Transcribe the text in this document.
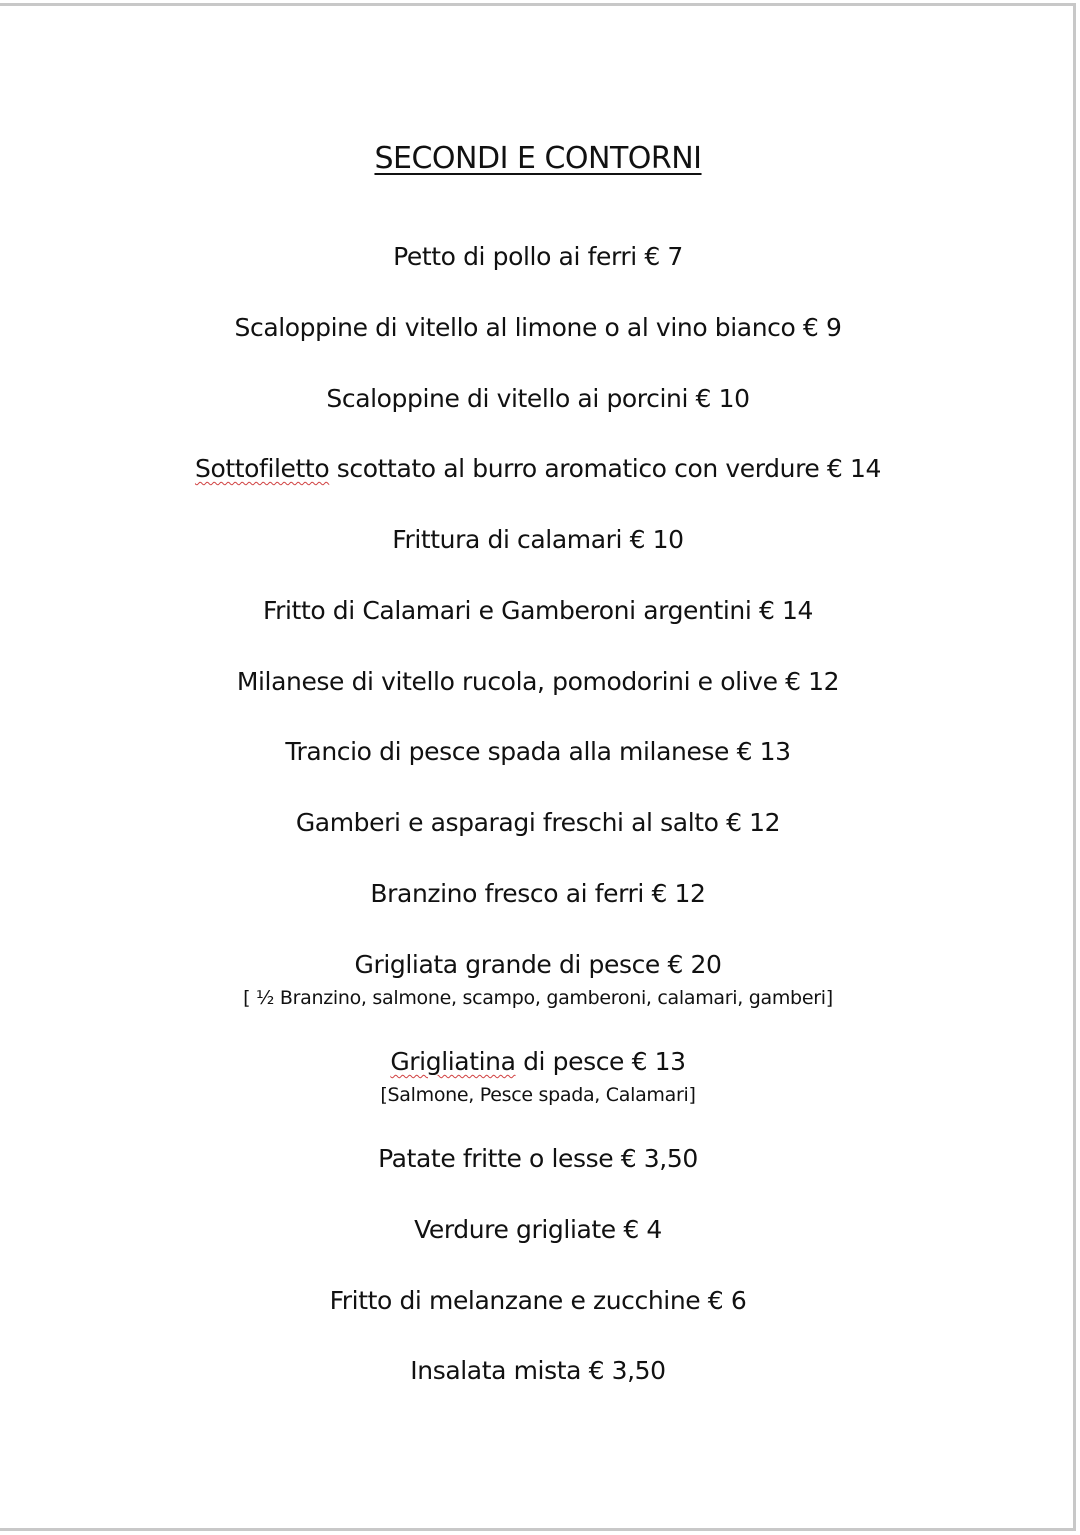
SECONDI E CONTORNI
Petto di pollo ai ferri € 7
Scaloppine di vitello al limone o al vino bianco € 9
Scaloppine di vitello ai porcini € 10
Sottofiletto scottato al burro aromatico con verdure € 14
Frittura di calamari € 10
Fritto di Calamari e Gamberoni argentini € 14
Milanese di vitello rucola, pomodorini e olive € 12
Trancio di pesce spada alla milanese € 13
Gamberi e asparagi freschi al salto € 12
Branzino fresco ai ferri € 12
Grigliata grande di pesce € 20
[ ½ Branzino, salmone, scampo, gamberoni, calamari, gamberi]
Grigliatina di pesce € 13
[Salmone, Pesce spada, Calamari]
Patate fritte o lesse € 3,50
Verdure grigliate € 4
Fritto di melanzane e zucchine € 6
Insalata mista € 3,50
